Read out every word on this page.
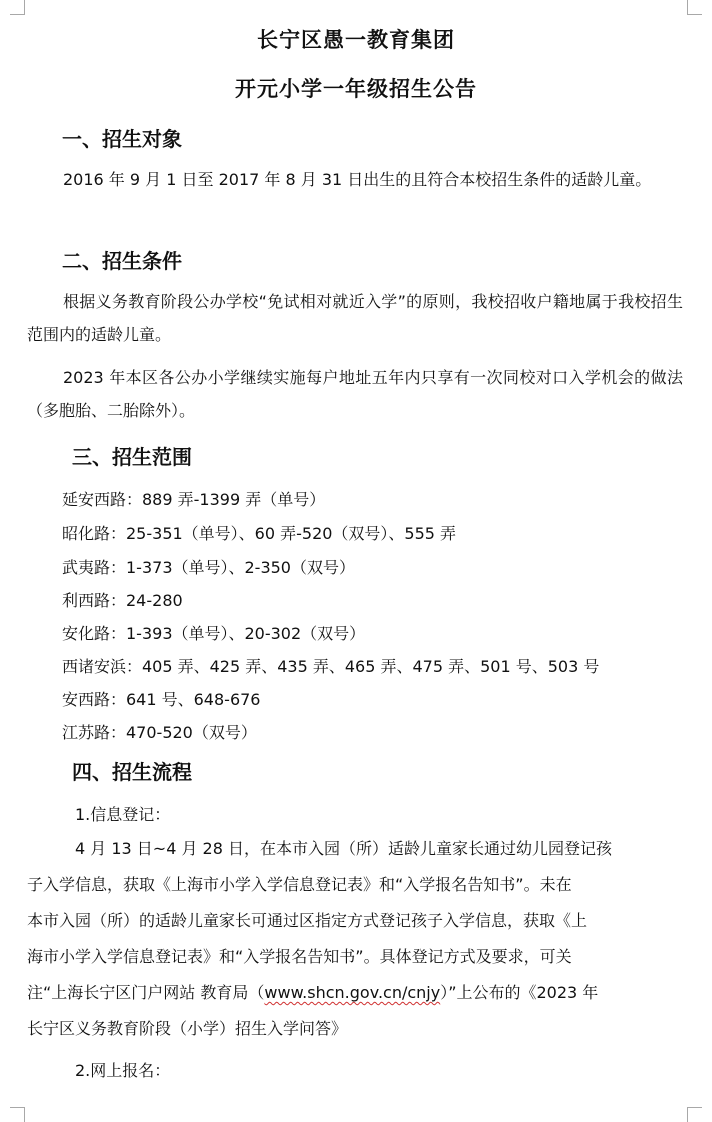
长宁区愚一教育集团
开元小学一年级招生公告
一、招生对象

2016 年 9 月 1 日至 2017 年 8 月 31 日出生的且符合本校招生条件的适龄儿童。

二、招生条件

根据义务教育阶段公办学校“免试相对就近入学”的原则，我校招收户籍地属于我校招生范围内的适龄儿童。

2023 年本区各公办小学继续实施每户地址五年内只享有一次同校对口入学机会的做法（多胞胎、二胎除外）。

三、招生范围
延安西路：889 弄-1399 弄（单号）
昭化路：25-351（单号）、60 弄-520（双号）、555 弄
武夷路：1-373（单号）、2-350（双号）
利西路：24-280
安化路：1-393（单号）、20-302（双号）
西诸安浜：405 弄、425 弄、435 弄、465 弄、475 弄、501 号、503 号
安西路：641 号、648-676
江苏路：470-520（双号）
四、招生流程
1.信息登记：
4 月 13 日~4 月 28 日，在本市入园（所）适龄儿童家长通过幼儿园登记孩
子入学信息，获取《上海市小学入学信息登记表》和“入学报名告知书”。未在
本市入园（所）的适龄儿童家长可通过区指定方式登记孩子入学信息，获取《上
海市小学入学信息登记表》和“入学报名告知书”。具体登记方式及要求，可关
注“上海长宁区门户网站 教育局（www.shcn.gov.cn/cnjy）”上公布的《2023 年
长宁区义务教育阶段（小学）招生入学问答》
2.网上报名：
